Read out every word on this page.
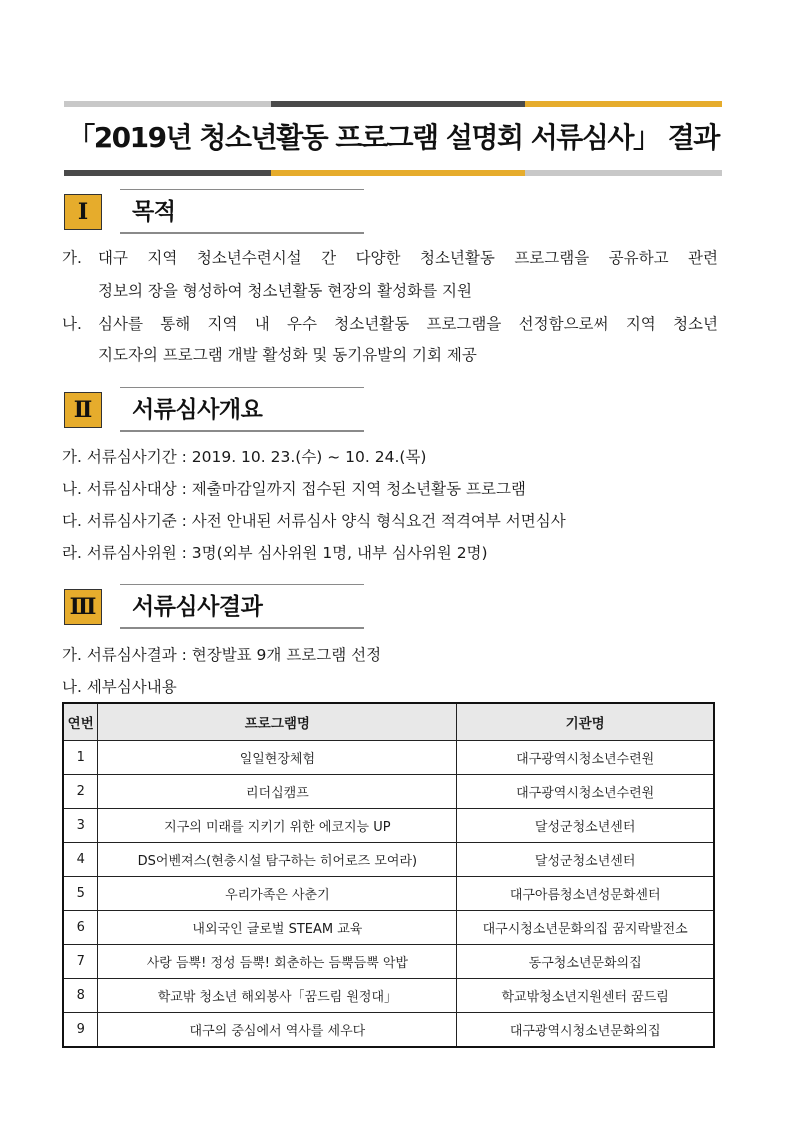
「2019년 청소년활동 프로그램 설명회 서류심사」 결과
Ⅰ	목적
가. 대구 지역 청소년수련시설 간 다양한 청소년활동 프로그램을 공유하고 관련
정보의 장을 형성하여 청소년활동 현장의 활성화를 지원
나. 심사를 통해 지역 내 우수 청소년활동 프로그램을 선정함으로써 지역 청소년
지도자의 프로그램 개발 활성화 및 동기유발의 기회 제공
Ⅱ	서류심사개요
가. 서류심사기간 : 2019. 10. 23.(수) ~ 10. 24.(목)
나. 서류심사대상 : 제출마감일까지 접수된 지역 청소년활동 프로그램
다. 서류심사기준 : 사전 안내된 서류심사 양식 형식요건 적격여부 서면심사
라. 서류심사위원 : 3명(외부 심사위원 1명, 내부 심사위원 2명)
Ⅲ 서류심사결과
가. 서류심사결과 : 현장발표 9개 프로그램 선정
나. 세부심사내용
연번	프로그램명	기관명
1	일일현장체험	대구광역시청소년수련원
2	리더십캠프	대구광역시청소년수련원
3	지구의 미래를 지키기 위한 에코지능 UP	달성군청소년센터
4	DS어벤져스(현충시설 탐구하는 히어로즈 모여라)	달성군청소년센터
5	우리가족은 사춘기	대구아름청소년성문화센터
6	내외국인 글로벌 STEAM 교육	대구시청소년문화의집 꿈지락발전소
7	사랑 듬뿍! 정성 듬뿍! 회춘하는 듬뿍듬뿍 악밥	동구청소년문화의집
8	학교밖 청소년 해외봉사「꿈드림 원정대」	학교밖청소년지원센터 꿈드림
9	대구의 중심에서 역사를 세우다	대구광역시청소년문화의집
